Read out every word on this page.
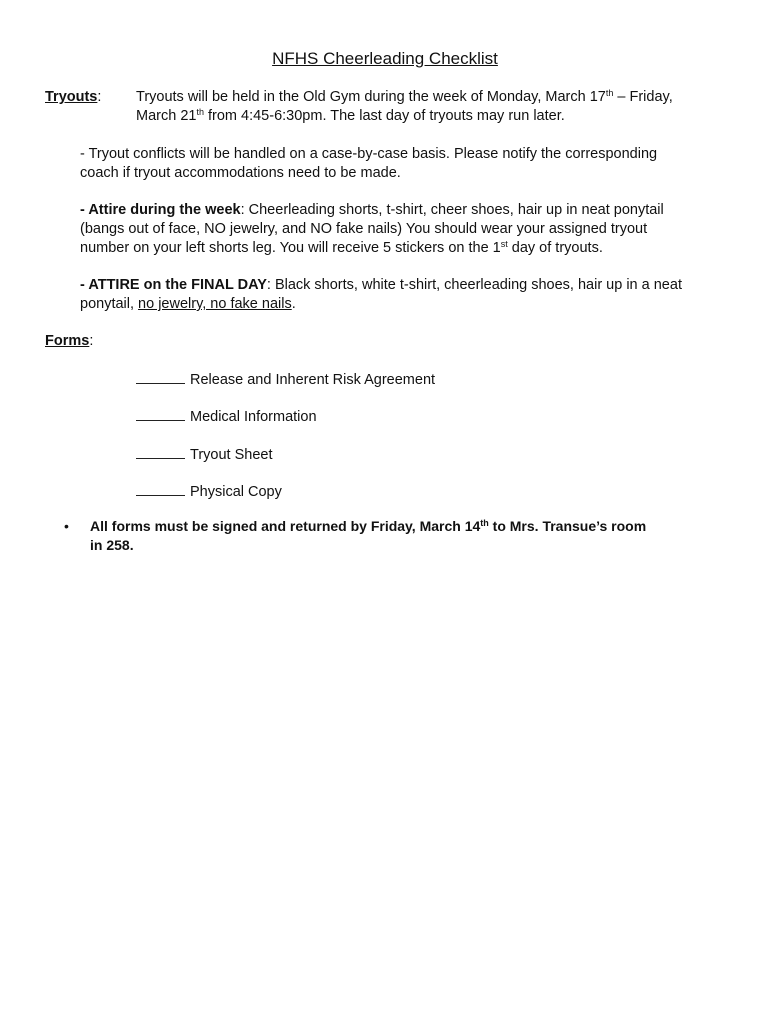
NFHS Cheerleading Checklist
Tryouts: Tryouts will be held in the Old Gym during the week of Monday, March 17th – Friday,
March 21th from 4:45-6:30pm. The last day of tryouts may run later.
- Tryout conflicts will be handled on a case-by-case basis. Please notify the corresponding
coach if tryout accommodations need to be made.
- Attire during the week: Cheerleading shorts, t-shirt, cheer shoes, hair up in neat ponytail
(bangs out of face, NO jewelry, and NO fake nails) You should wear your assigned tryout
number on your left shorts leg. You will receive 5 stickers on the 1st day of tryouts.
- ATTIRE on the FINAL DAY: Black shorts, white t-shirt, cheerleading shoes, hair up in a neat
ponytail, no jewelry, no fake nails.
Forms:
Release and Inherent Risk Agreement
Medical Information
Tryout Sheet
Physical Copy
• All forms must be signed and returned by Friday, March 14th to Mrs. Transue’s room
in 258.
